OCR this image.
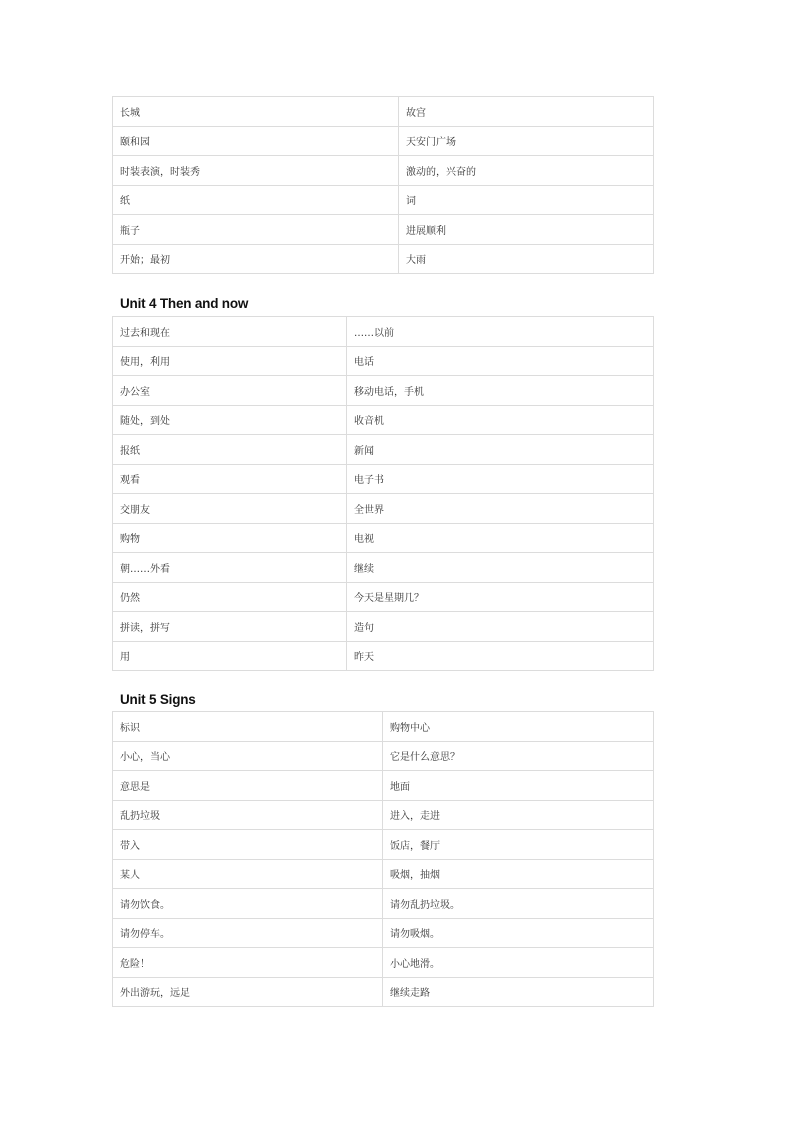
长城	故宫
颐和园	天安门广场
时装表演，时装秀	激动的，兴奋的
纸	词
瓶子	进展顺利
开始；最初	大雨
Unit 4 Then and now
过去和现在	……以前
使用，利用	电话
办公室	移动电话，手机
随处，到处	收音机
报纸	新闻
观看	电子书
交朋友	全世界
购物	电视
朝……外看	继续
仍然	今天是星期几？
拼读，拼写	造句
用	昨天
Unit 5 Signs
标识	购物中心
小心，当心	它是什么意思？
意思是	地面
乱扔垃圾	进入，走进
带入	饭店，餐厅
某人	吸烟，抽烟
请勿饮食。	请勿乱扔垃圾。
请勿停车。	请勿吸烟。
危险！	小心地滑。
外出游玩，远足	继续走路
